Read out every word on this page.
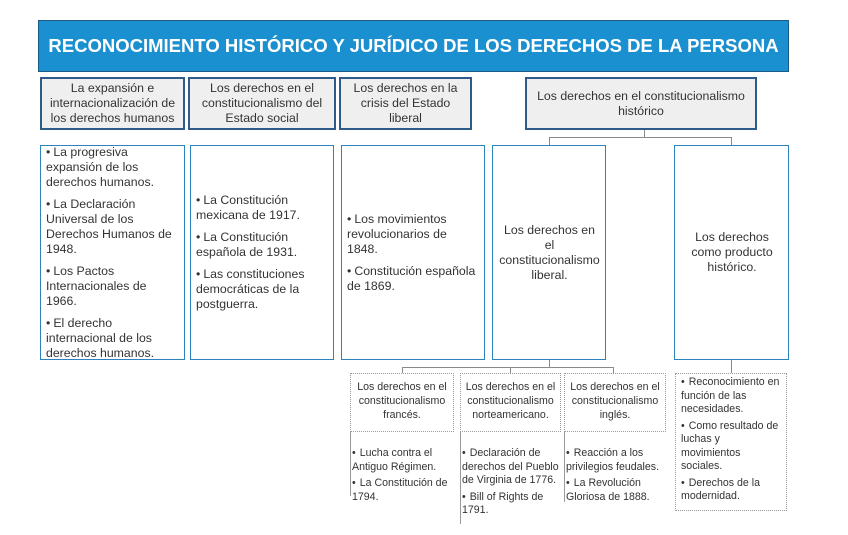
RECONOCIMIENTO HISTÓRICO Y JURÍDICO DE LOS DERECHOS DE LA PERSONA
La expansión e internacionalización de los derechos humanos
Los derechos en el constitucionalismo del Estado social
Los derechos en la crisis del Estado liberal
Los derechos en el constitucionalismo histórico
• La progresiva expansión de los derechos humanos.
• La Declaración Universal de los Derechos Humanos de 1948.
• Los Pactos Internacionales de 1966.
• El derecho internacional de los derechos humanos.
• La Constitución mexicana de 1917.
• La Constitución española de 1931.
• Las constituciones democráticas de la postguerra.
• Los movimientos revolucionarios de 1848.
• Constitución española de 1869.
Los derechos en el constitucionalismo liberal.
Los derechos como producto histórico.
Los derechos en el constitucionalismo francés.
Los derechos en el constitucionalismo norteamericano.
Los derechos en el constitucionalismo inglés.
• Lucha contra el Antiguo Régimen.
• La Constitución de 1794.
• Declaración de derechos del Pueblo de Virginia de 1776.
• Bill of Rights de 1791.
• Reacción a los privilegios feudales.
• La Revolución Gloriosa de 1888.
• Reconocimiento en función de las necesidades.
• Como resultado de luchas y movimientos sociales.
• Derechos de la modernidad.
